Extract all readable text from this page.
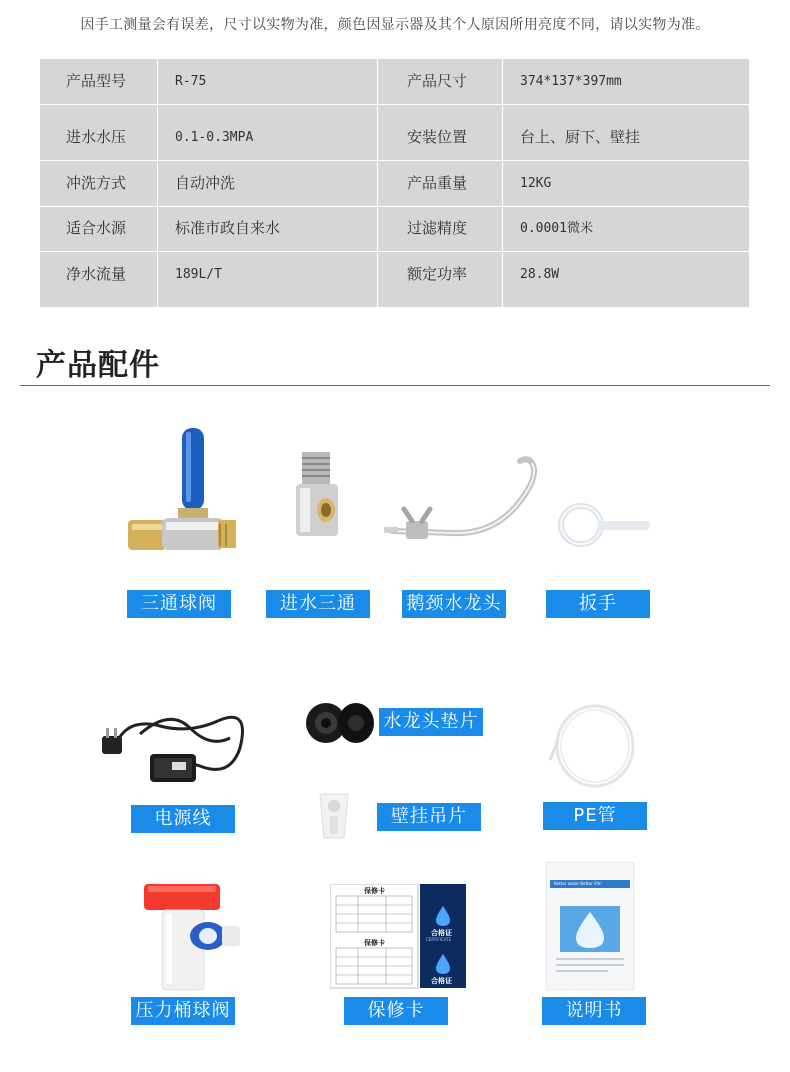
因手工测量会有误差，尺寸以实物为准，颜色因显示器及其个人原因所用亮度不同，请以实物为准。
产品型号	R-75	产品尺寸	374*137*397mm
进水水压	0.1-0.3MPA	安装位置	台上、厨下、壁挂
冲洗方式	自动冲洗	产品重量	12KG
适合水源	标准市政自来水	过滤精度	0.0001微米
净水流量	189L/T	额定功率	28.8W
产品配件
三通球阀	进水三通	鹅颈水龙头	扳手
电源线
水龙头垫片
PE管
壁挂吊片
压力桶球阀
保修卡
保修卡
合格证
CERTIFICATE
合格证
保修卡
Better water Better life!
说明书
